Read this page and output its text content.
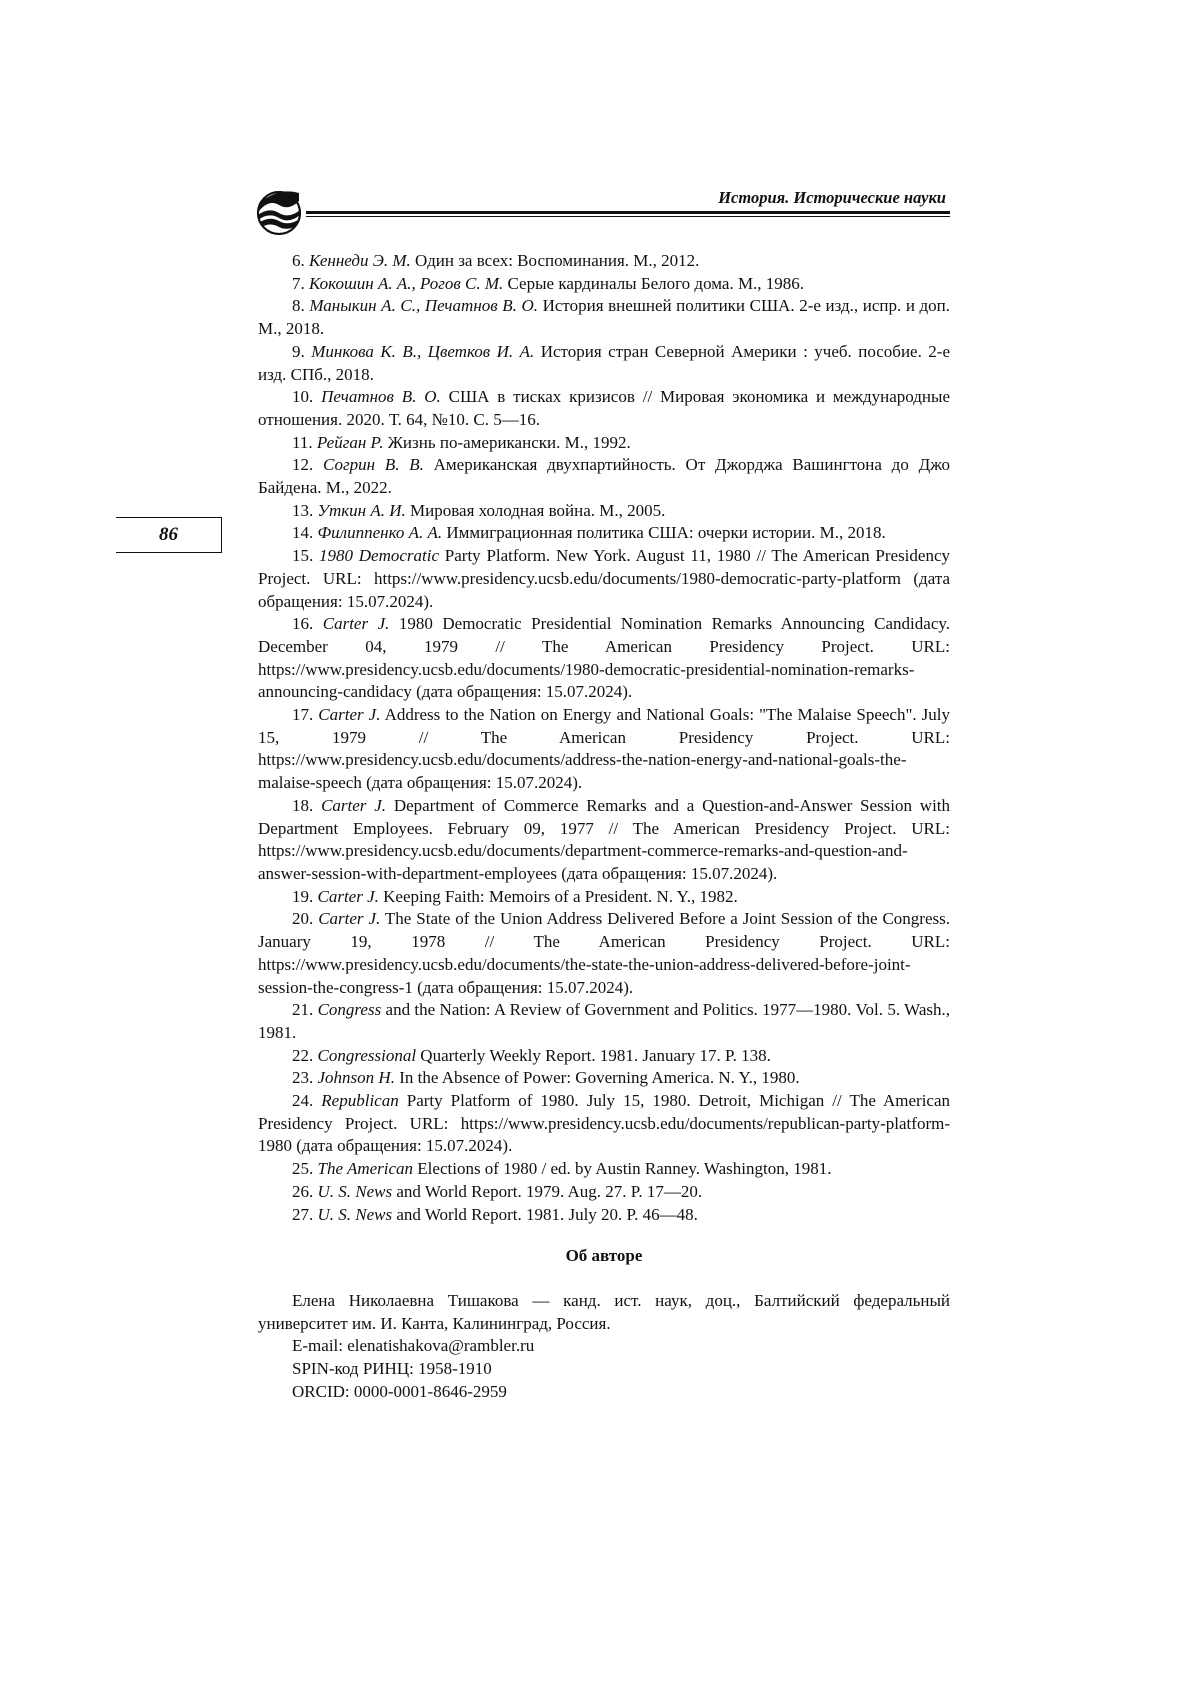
История. Исторические науки
86

6. Кеннеди Э. М. Один за всех: Воспоминания. М., 2012.

7. Кокошин А. А., Рогов С. М. Серые кардиналы Белого дома. М., 1986.

8. Маныкин А. С., Печатнов В. О. История внешней политики США. 2-е изд., испр. и доп. М., 2018.

9. Минкова К. В., Цветков И. А. История стран Северной Америки : учеб. пособие. 2-е изд. СПб., 2018.

10. Печатнов В. О. США в тисках кризисов // Мировая экономика и международные отношения. 2020. Т. 64, №10. С. 5—16.

11. Рейган Р. Жизнь по-американски. М., 1992.

12. Согрин В. В. Американская двухпартийность. От Джорджа Вашингтона до Джо Байдена. М., 2022.

13. Уткин А. И. Мировая холодная война. М., 2005.

14. Филиппенко А. А. Иммиграционная политика США: очерки истории. М., 2018.

15. 1980 Democratic Party Platform. New York. August 11, 1980 // The American Presidency Project. URL: https://www.presidency.ucsb.edu/documents/1980-democratic-party-platform (дата обращения: 15.07.2024).

16. Carter J. 1980 Democratic Presidential Nomination Remarks Announcing Candidacy. December 04, 1979 // The American Presidency Project. URL: https://www.presidency.ucsb.edu/documents/1980-democratic-presidential-nomination-remarks-announcing-candidacy (дата обращения: 15.07.2024).

17. Carter J. Address to the Nation on Energy and National Goals: "The Malaise Speech". July 15, 1979 // The American Presidency Project. URL: https://www.presidency.ucsb.edu/documents/address-the-nation-energy-and-national-goals-the-malaise-speech (дата обращения: 15.07.2024).

18. Carter J. Department of Commerce Remarks and a Question-and-Answer Session with Department Employees. February 09, 1977 // The American Presidency Project. URL: https://www.presidency.ucsb.edu/documents/department-commerce-remarks-and-question-and-answer-session-with-department-employees (дата обращения: 15.07.2024).

19. Carter J. Keeping Faith: Memoirs of a President. N. Y., 1982.

20. Carter J. The State of the Union Address Delivered Before a Joint Session of the Congress. January 19, 1978 // The American Presidency Project. URL: https://www.presidency.ucsb.edu/documents/the-state-the-union-address-delivered-before-joint-session-the-congress-1 (дата обращения: 15.07.2024).

21. Congress and the Nation: A Review of Government and Politics. 1977—1980. Vol. 5. Wash., 1981.

22. Congressional Quarterly Weekly Report. 1981. January 17. P. 138.

23. Johnson H. In the Absence of Power: Governing America. N. Y., 1980.

24. Republican Party Platform of 1980. July 15, 1980. Detroit, Michigan // The American Presidency Project. URL: https://www.presidency.ucsb.edu/documents/republican-party-platform-1980 (дата обращения: 15.07.2024).

25. The American Elections of 1980 / ed. by Austin Ranney. Washington, 1981.

26. U. S. News and World Report. 1979. Aug. 27. P. 17—20.

27. U. S. News and World Report. 1981. July 20. P. 46—48.

Об авторе

Елена Николаевна Тишакова — канд. ист. наук, доц., Балтийский федеральный университет им. И. Канта, Калининград, Россия.

E-mail: elenatishakova@rambler.ru

SPIN-код РИНЦ: 1958-1910

ORCID: 0000-0001-8646-2959
